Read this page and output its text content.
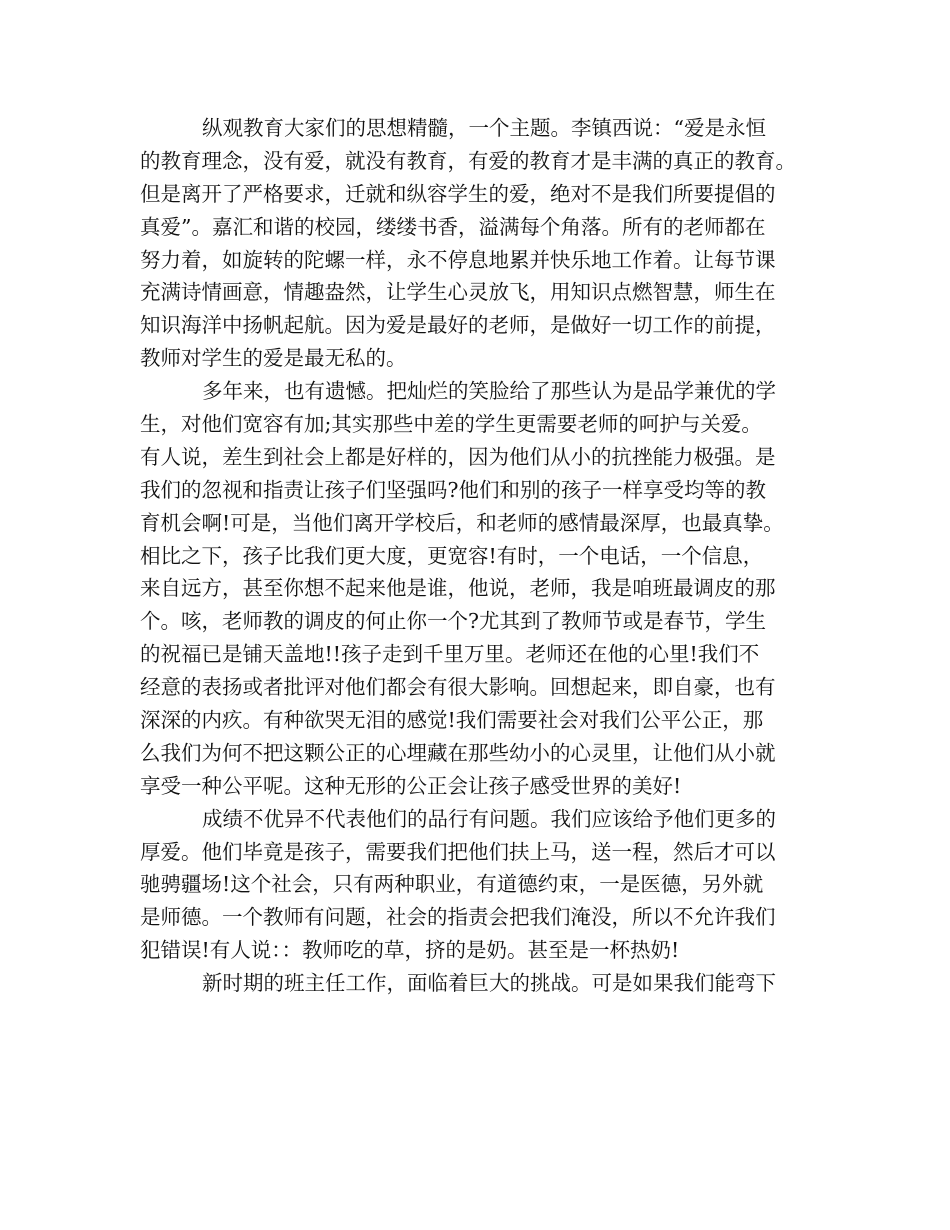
纵观教育大家们的思想精髓，一个主题。李镇西说：“爱是永恒
的教育理念，没有爱，就没有教育，有爱的教育才是丰满的真正的教育。
但是离开了严格要求，迁就和纵容学生的爱，绝对不是我们所要提倡的
真爱”。嘉汇和谐的校园，缕缕书香，溢满每个角落。所有的老师都在
努力着，如旋转的陀螺一样，永不停息地累并快乐地工作着。让每节课
充满诗情画意，情趣盎然，让学生心灵放飞，用知识点燃智慧，师生在
知识海洋中扬帆起航。因为爱是最好的老师，是做好一切工作的前提，
教师对学生的爱是最无私的。
多年来，也有遗憾。把灿烂的笑脸给了那些认为是品学兼优的学
生，对他们宽容有加;其实那些中差的学生更需要老师的呵护与关爱。
有人说，差生到社会上都是好样的，因为他们从小的抗挫能力极强。是
我们的忽视和指责让孩子们坚强吗?他们和别的孩子一样享受均等的教
育机会啊!可是，当他们离开学校后，和老师的感情最深厚，也最真挚。
相比之下，孩子比我们更大度，更宽容!有时，一个电话，一个信息，
来自远方，甚至你想不起来他是谁，他说，老师，我是咱班最调皮的那
个。咳，老师教的调皮的何止你一个?尤其到了教师节或是春节，学生
的祝福已是铺天盖地!!孩子走到千里万里。老师还在他的心里!我们不
经意的表扬或者批评对他们都会有很大影响。回想起来，即自豪，也有
深深的内疚。有种欲哭无泪的感觉!我们需要社会对我们公平公正，那
么我们为何不把这颗公正的心埋藏在那些幼小的心灵里，让他们从小就
享受一种公平呢。这种无形的公正会让孩子感受世界的美好!
成绩不优异不代表他们的品行有问题。我们应该给予他们更多的
厚爱。他们毕竟是孩子，需要我们把他们扶上马，送一程，然后才可以
驰骋疆场!这个社会，只有两种职业，有道德约束，一是医德，另外就
是师德。一个教师有问题，社会的指责会把我们淹没，所以不允许我们
犯错误!有人说：：教师吃的草，挤的是奶。甚至是一杯热奶!
新时期的班主任工作，面临着巨大的挑战。可是如果我们能弯下
